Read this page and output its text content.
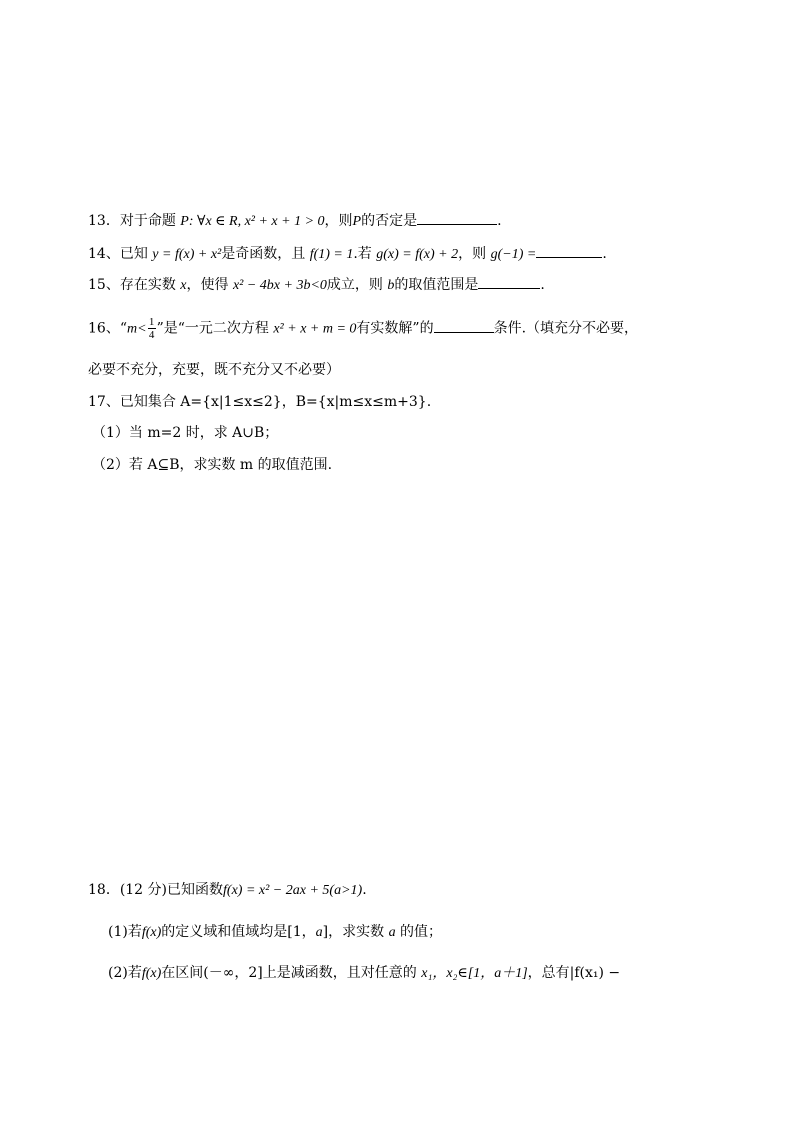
13．对于命题 P: ∀x ∈ R, x² + x + 1 > 0，则P的否定是	.
14、已知 y = f(x) + x²是奇函数，且 f(1) = 1.若 g(x) = f(x) + 2，则 g(−1) =	.
15、存在实数 x，使得 x² − 4bx + 3b<0成立，则 b的取值范围是	.
16、“$m< \frac{1}{4}$ ”是“一元二次方程 x² + x + m = 0有实数解”的	条件.（填充分不必要，
必要不充分，充要，既不充分又不必要）
17、已知集合 A={x|1≤x≤2}，B={x|m≤x≤m+3}.
（1）当 m=2 时，求 A∪B；
（2）若 A⊆B，求实数 m 的取值范围.
18．(12 分)已知函数f(x) = x² − 2ax + 5(a>1).
(1)若f(x)的定义域和值域均是[1，a]，求实数 a 的值；
(2)若f(x)在区间(－∞，2]上是减函数，且对任意的 x₁，x₂∈[1，a＋1]，总有|f(x₁) −
